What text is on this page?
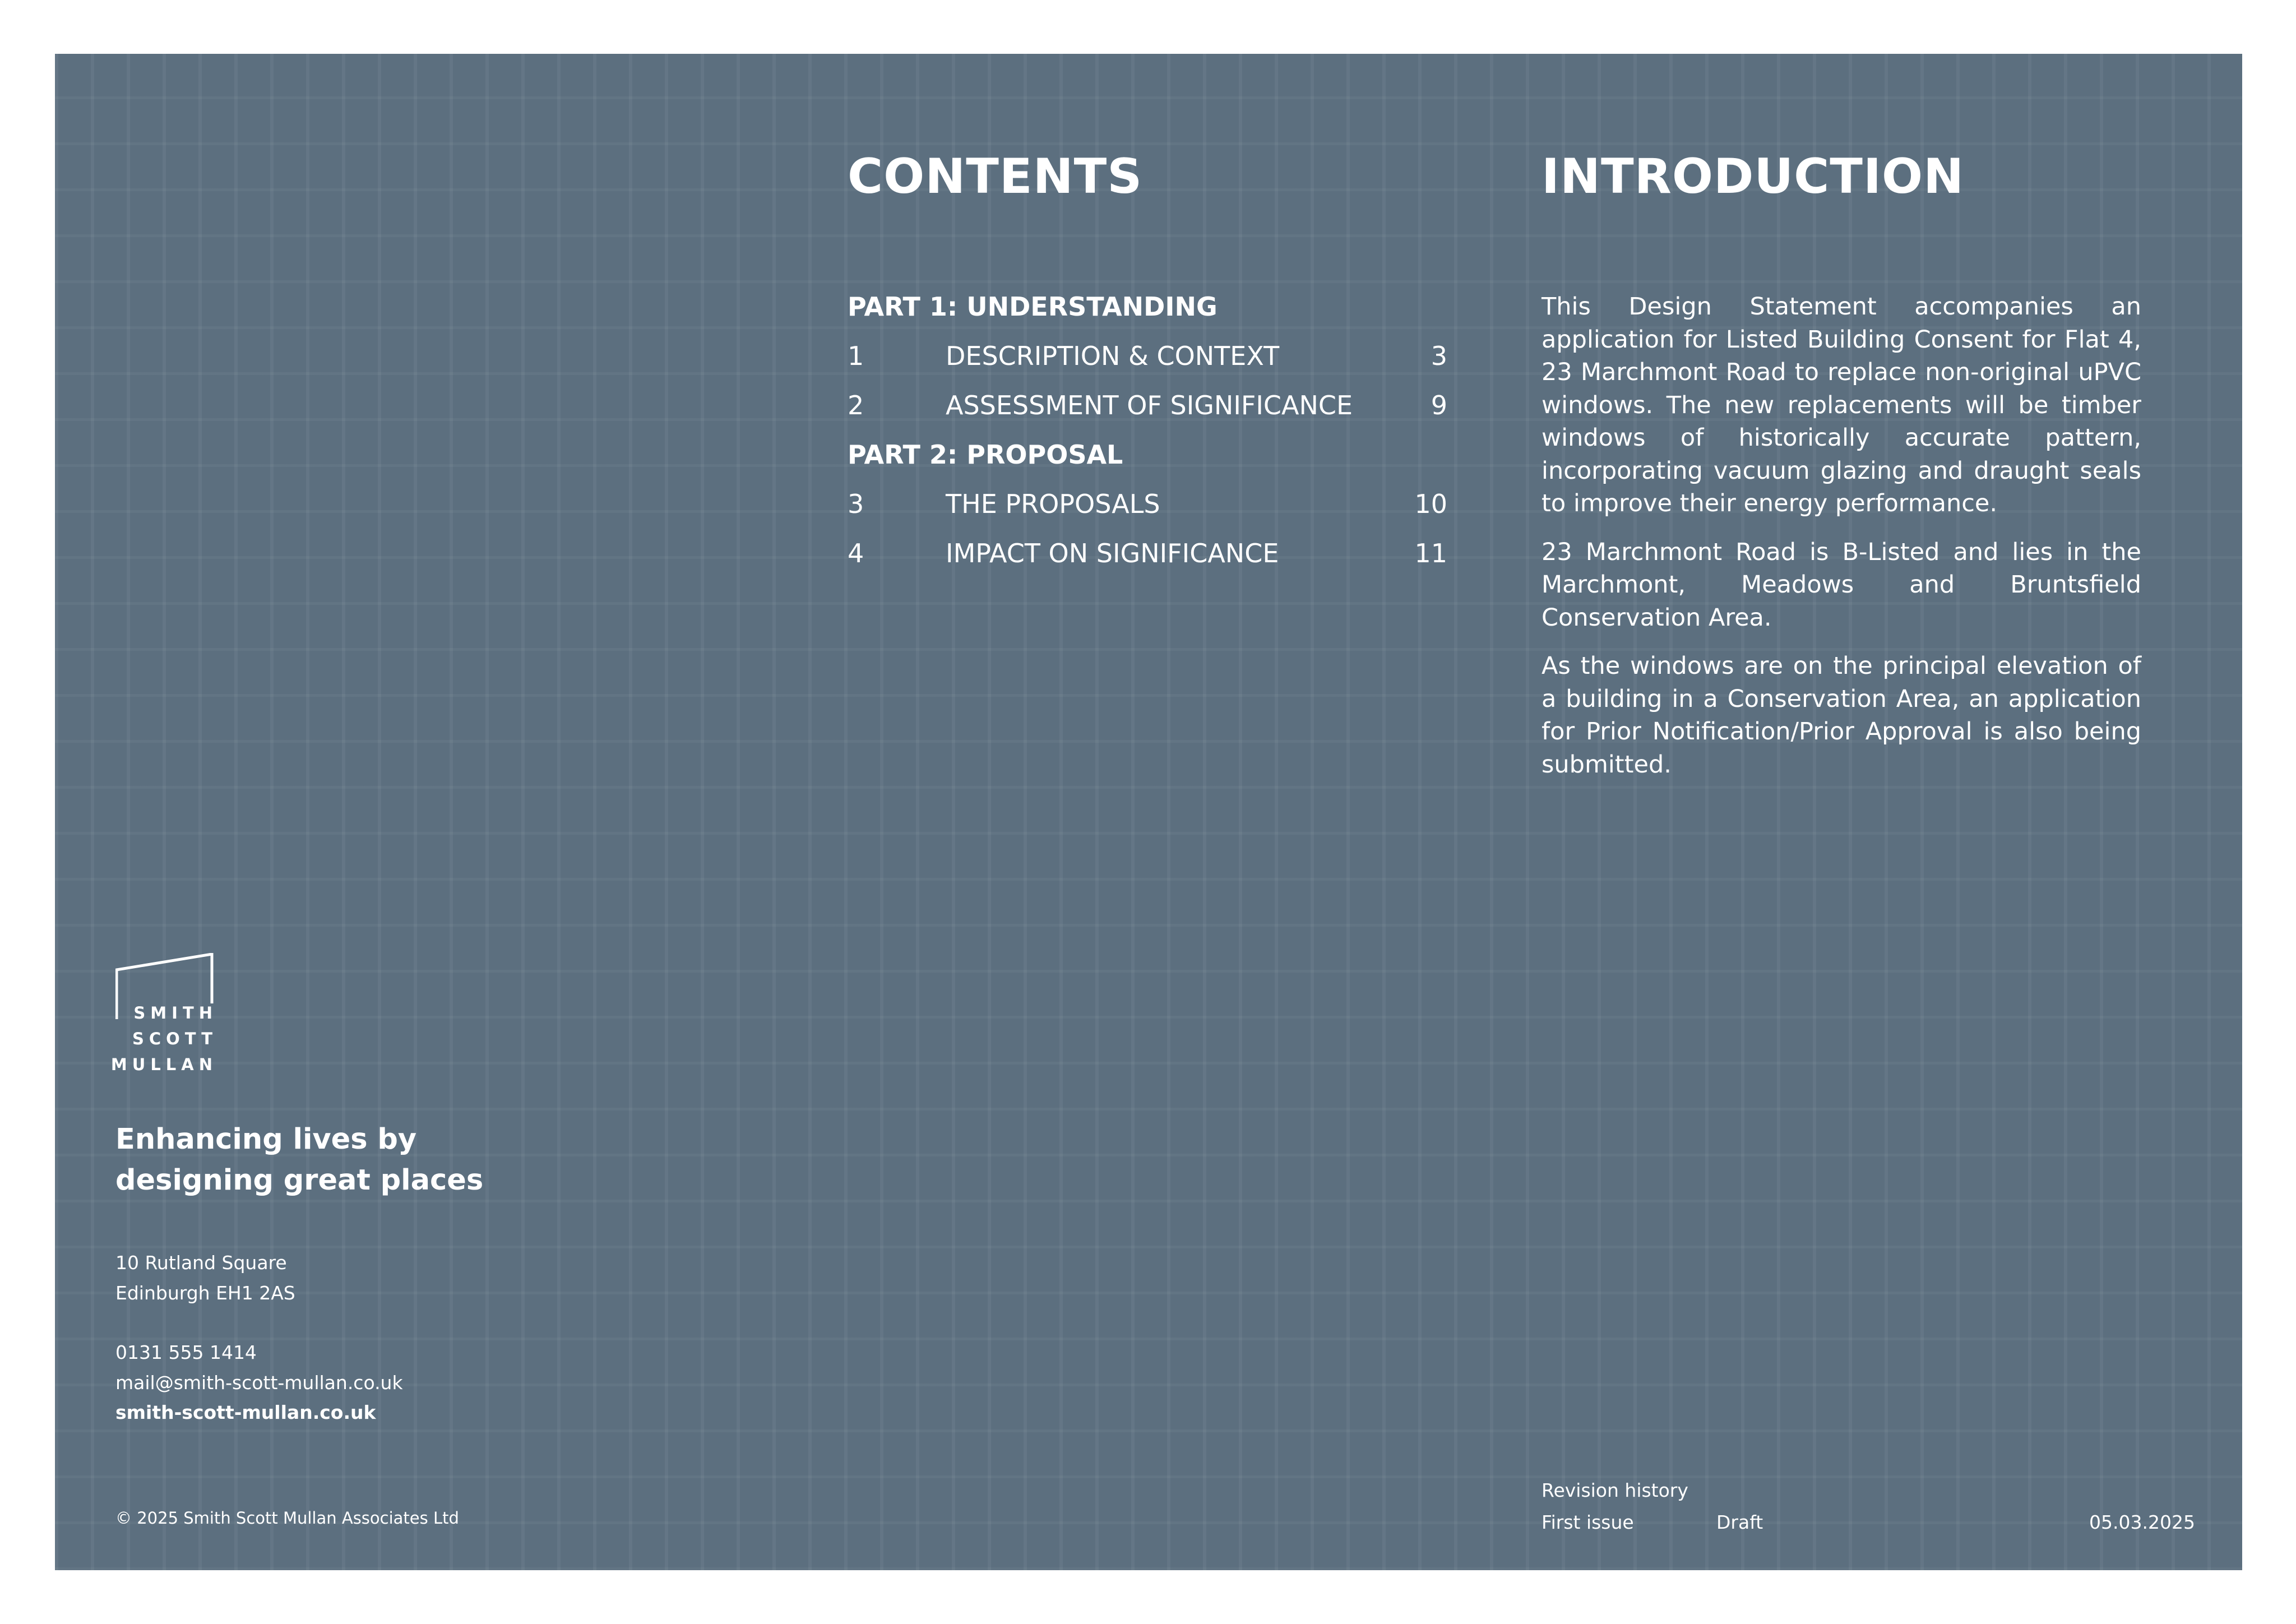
CONTENTS
PART 1: UNDERSTANDING
1	DESCRIPTION & CONTEXT	3
2	ASSESSMENT OF SIGNIFICANCE	9
PART 2: PROPOSAL
3	THE PROPOSALS	10
4	IMPACT ON SIGNIFICANCE	11
INTRODUCTION

This Design Statement accompanies an application for Listed Building Consent for Flat 4, 23 Marchmont Road to replace non-original uPVC windows. The new replacements will be timber windows of historically accurate pattern, incorporating vacuum glazing and draught seals to improve their energy performance.

23 Marchmont Road is B-Listed and lies in the Marchmont, Meadows and Bruntsfield Conservation Area.

As the windows are on the principal elevation of a building in a Conservation Area, an application for Prior Notification/Prior Approval is also being submitted.

SMITH
SCOTT
MULLAN
Enhancing lives by
designing great places
10 Rutland Square
Edinburgh EH1 2AS
0131 555 1414
mail@smith-scott-mullan.co.uk
smith-scott-mullan.co.uk
© 2025 Smith Scott Mullan Associates Ltd
Revision history
First issue	Draft	05.03.2025
